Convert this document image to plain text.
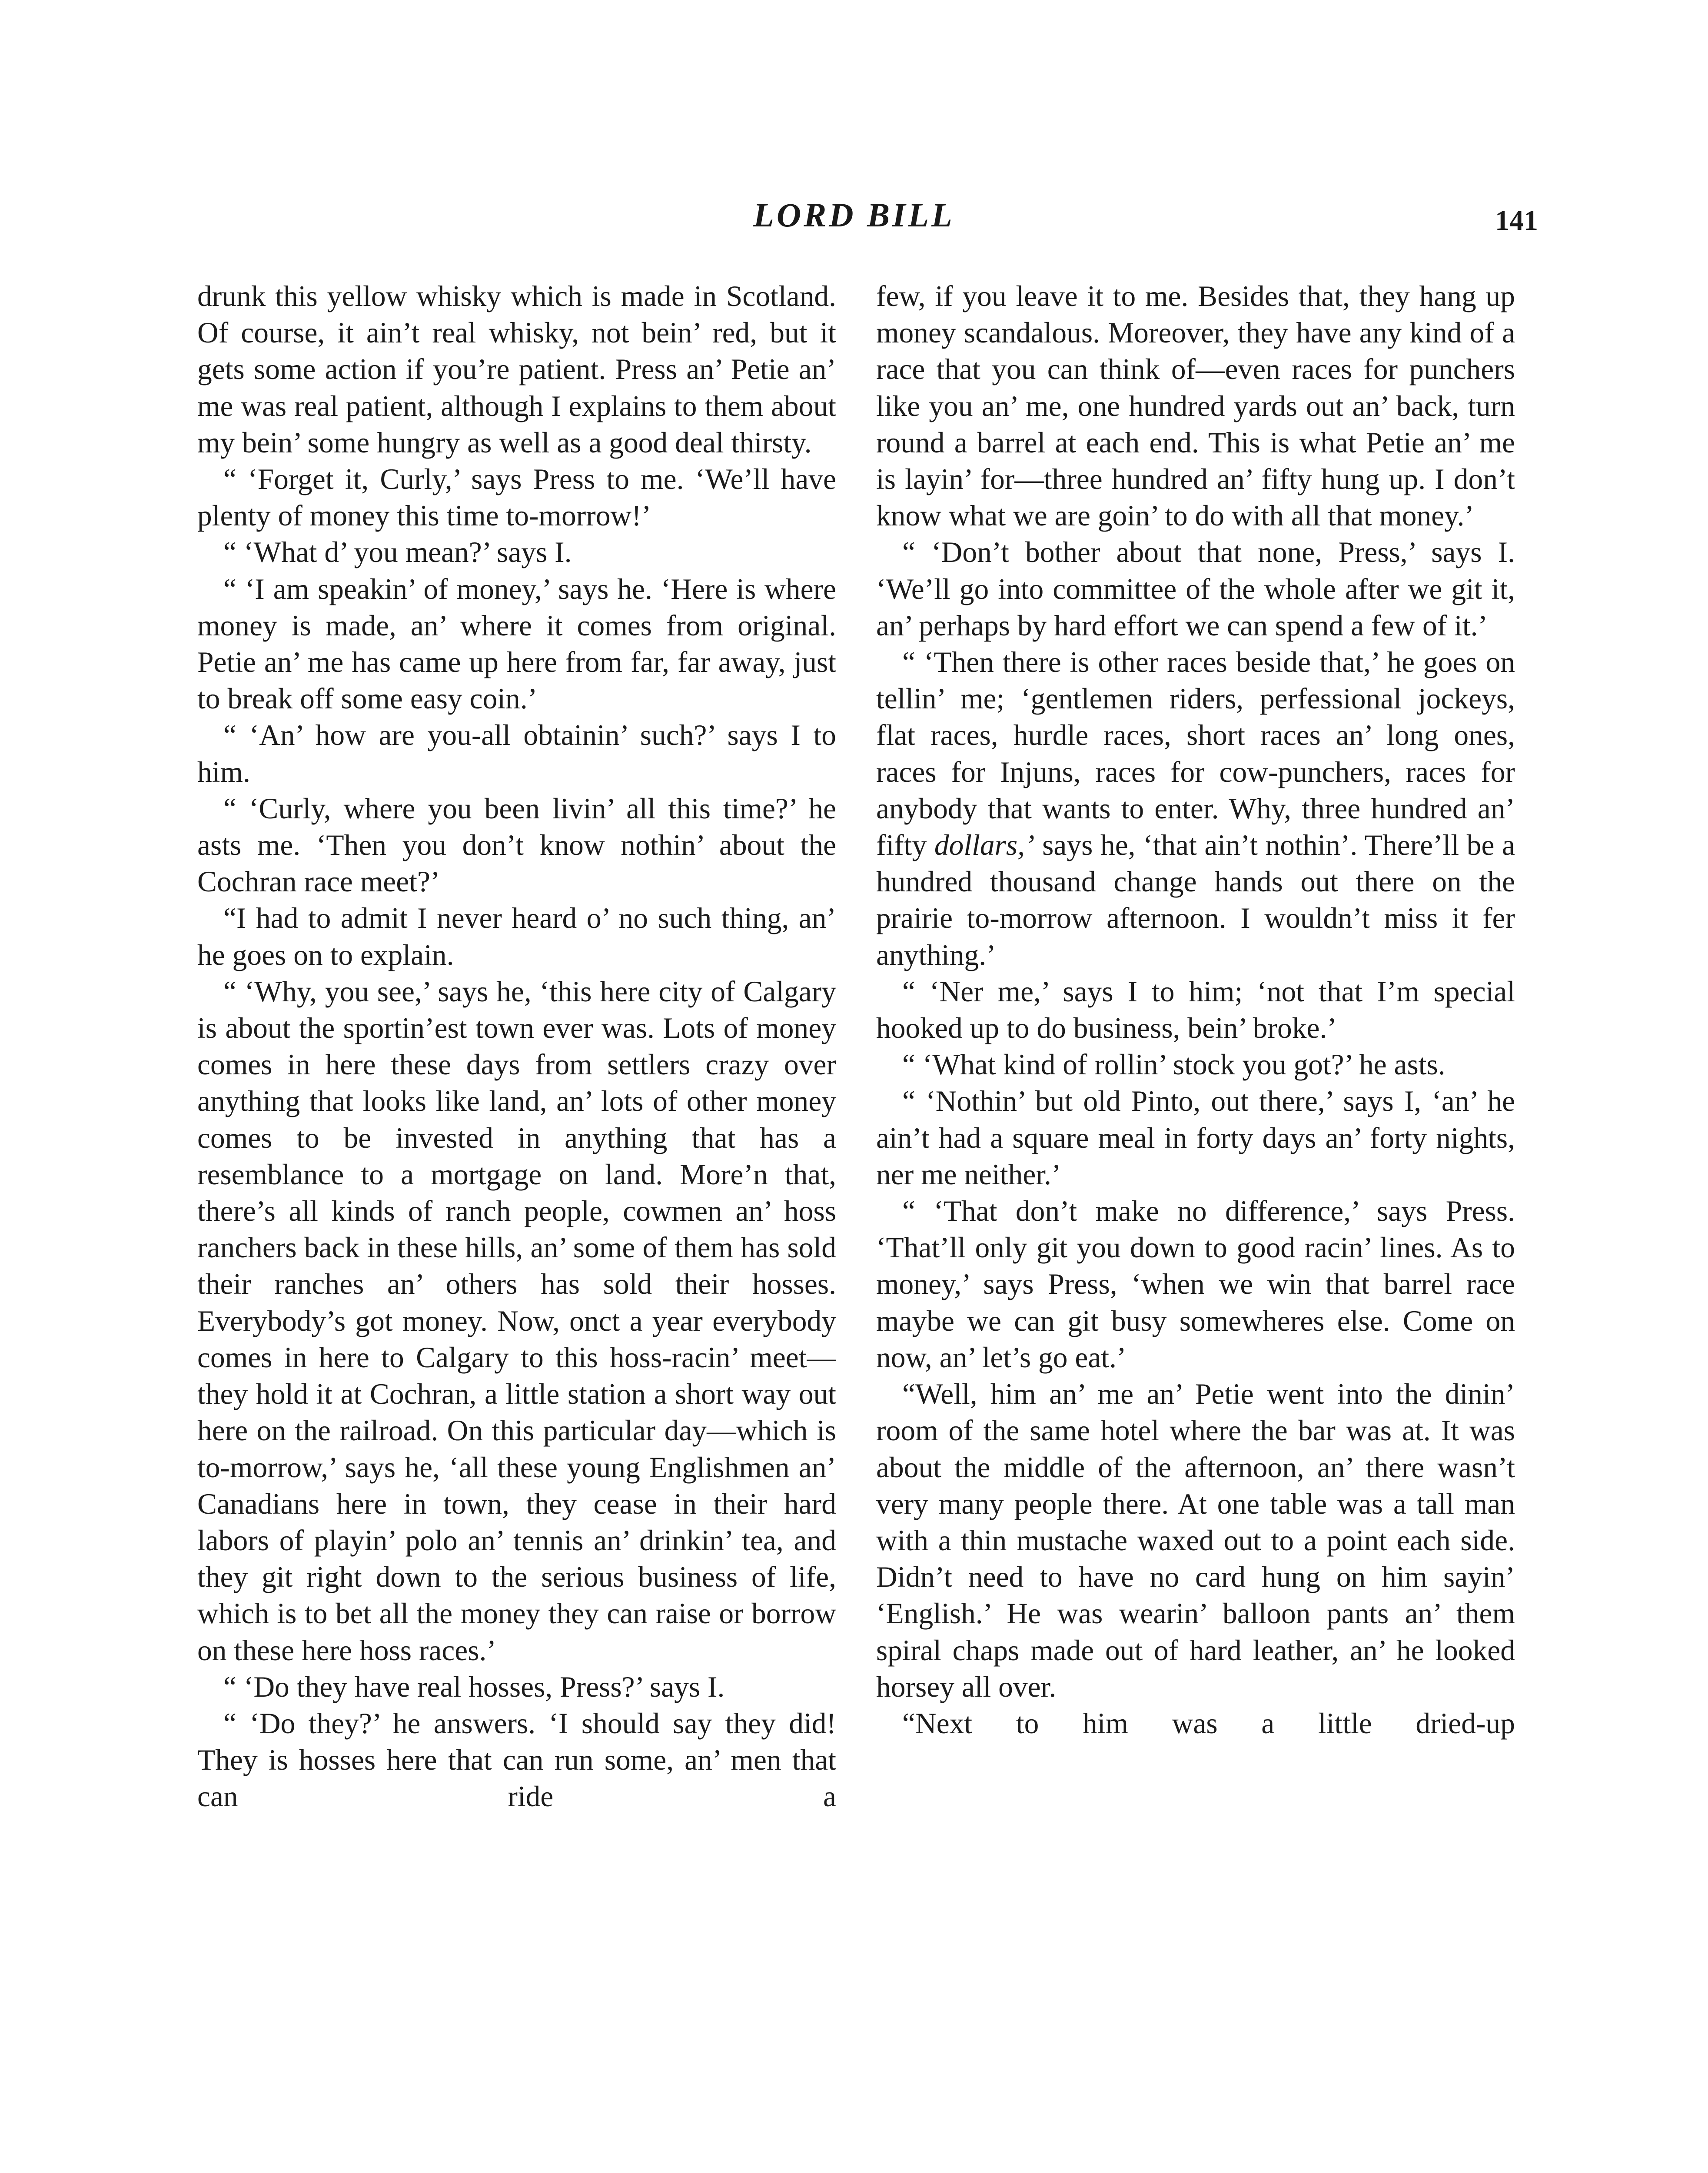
LORD BILL	141

drunk this yellow whisky which is made in Scotland. Of course, it ain’t real whisky, not bein’ red, but it gets some action if you’re patient. Press an’ Petie an’ me was real patient, although I explains to them about my bein’ some hungry as well as a good deal thirsty.

“ ‘Forget it, Curly,’ says Press to me. ‘We’ll have plenty of money this time to-morrow!’

“ ‘What d’ you mean?’ says I.

“ ‘I am speakin’ of money,’ says he. ‘Here is where money is made, an’ where it comes from original. Petie an’ me has came up here from far, far away, just to break off some easy coin.’

“ ‘An’ how are you-all obtainin’ such?’ says I to him.

“ ‘Curly, where you been livin’ all this time?’ he asts me. ‘Then you don’t know nothin’ about the Cochran race meet?’

“I had to admit I never heard o’ no such thing, an’ he goes on to explain.

“ ‘Why, you see,’ says he, ‘this here city of Calgary is about the sportin’est town ever was. Lots of money comes in here these days from settlers crazy over anything that looks like land, an’ lots of other money comes to be invested in anything that has a resemblance to a mortgage on land. More’n that, there’s all kinds of ranch people, cowmen an’ hoss ranchers back in these hills, an’ some of them has sold their ranches an’ others has sold their hosses. Everybody’s got money. Now, onct a year everybody comes in here to Calgary to this hoss-racin’ meet—they hold it at Cochran, a little station a short way out here on the railroad. On this particular day—which is to-morrow,’ says he, ‘all these young Englishmen an’ Canadians here in town, they cease in their hard labors of playin’ polo an’ tennis an’ drinkin’ tea, and they git right down to the serious business of life, which is to bet all the money they can raise or borrow on these here hoss races.’

“ ‘Do they have real hosses, Press?’ says I.

“ ‘Do they?’ he answers. ‘I should say they did! They is hosses here that can run some, an’ men that can ride a

few, if you leave it to me. Besides that, they hang up money scandalous. Moreover, they have any kind of a race that you can think of—even races for punchers like you an’ me, one hundred yards out an’ back, turn round a barrel at each end. This is what Petie an’ me is layin’ for—three hundred an’ fifty hung up. I don’t know what we are goin’ to do with all that money.’

“ ‘Don’t bother about that none, Press,’ says I. ‘We’ll go into committee of the whole after we git it, an’ perhaps by hard effort we can spend a few of it.’

“ ‘Then there is other races beside that,’ he goes on tellin’ me; ‘gentlemen riders, perfessional jockeys, flat races, hurdle races, short races an’ long ones, races for Injuns, races for cow-punchers, races for anybody that wants to enter. Why, three hundred an’ fifty dollars,’ says he, ‘that ain’t nothin’. There’ll be a hundred thousand change hands out there on the prairie to-morrow afternoon. I wouldn’t miss it fer anything.’

“ ‘Ner me,’ says I to him; ‘not that I’m special hooked up to do business, bein’ broke.’

“ ‘What kind of rollin’ stock you got?’ he asts.

“ ‘Nothin’ but old Pinto, out there,’ says I, ‘an’ he ain’t had a square meal in forty days an’ forty nights, ner me neither.’

“ ‘That don’t make no difference,’ says Press. ‘That’ll only git you down to good racin’ lines. As to money,’ says Press, ‘when we win that barrel race maybe we can git busy somewheres else. Come on now, an’ let’s go eat.’

“Well, him an’ me an’ Petie went into the dinin’ room of the same hotel where the bar was at. It was about the middle of the afternoon, an’ there wasn’t very many people there. At one table was a tall man with a thin mustache waxed out to a point each side. Didn’t need to have no card hung on him sayin’ ‘English.’ He was wearin’ balloon pants an’ them spiral chaps made out of hard leather, an’ he looked horsey all over.

“Next to him was a little dried-up
